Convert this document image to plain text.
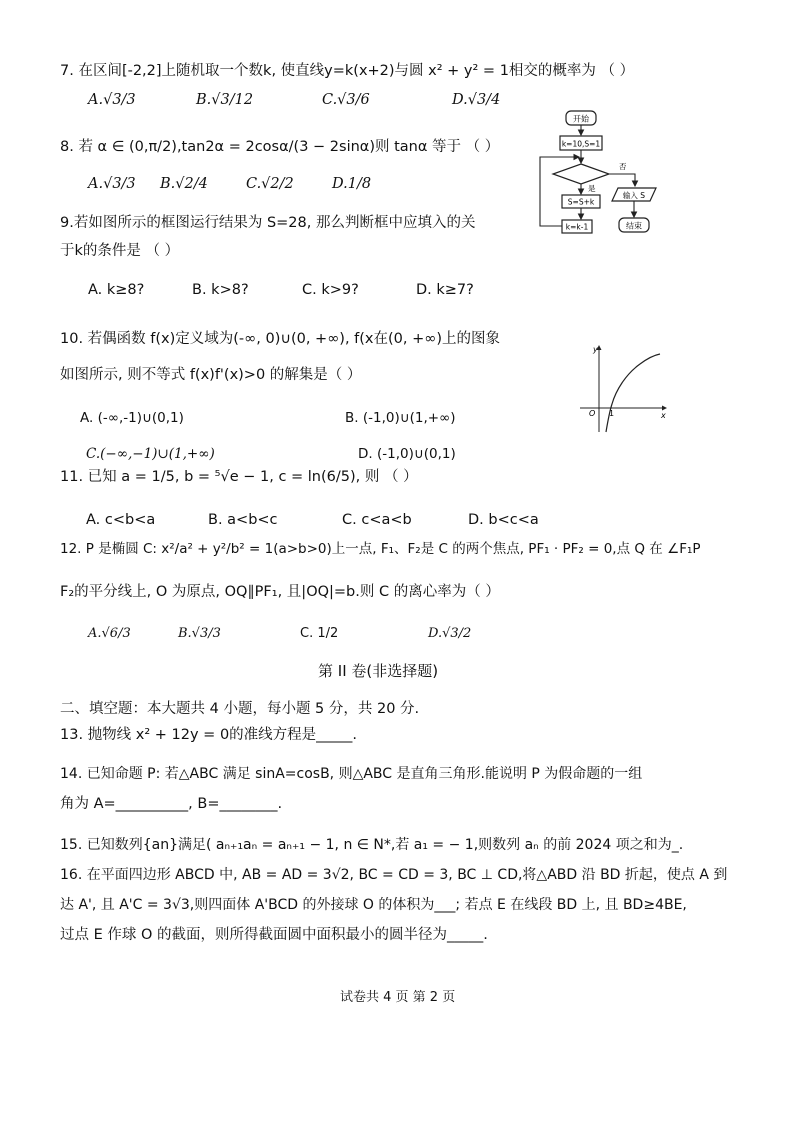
7. 在区间[-2,2]上随机取一个数k, 使直线y=k(x+2)与圆 x² + y² = 1相交的概率为 （ ）
A.√3/3	B.√3/12	C.√3/6	D.√3/4
8. 若 α ∈ (0,π/2),tan2α = 2cosα/(3 − 2sinα)则 tanα 等于 （ ）
A.√3/3 B.√2/4	C.√2/2	D.1/8
开始
k=10,S=1
否
输入 S
结束
是
S=S+k
k=k-1
9.若如图所示的框图运行结果为 S=28, 那么判断框中应填入的关
于k的条件是 （ ）
A. k≥8?	B. k>8?	C. k>9?	D. k≥7?
10. 若偶函数 f(x)定义域为(-∞, 0)∪(0, +∞), f(x在(0, +∞)上的图象
如图所示, 则不等式 f(x)f'(x)>0 的解集是（ ）
y
x
O 1
A. (-∞,-1)∪(0,1)	B. (-1,0)∪(1,+∞)
C.(−∞,−1)∪(1,+∞)	D. (-1,0)∪(0,1)
11. 已知 a = 1/5, b = ⁵√e − 1, c = ln(6/5), 则 （ ）
A. c<b<a	B. a<b<c	C. c<a<b	D. b<c<a
12. P 是椭圆 C: x²/a² + y²/b² = 1(a>b>0)上一点, F₁、F₂是 C 的两个焦点, PF₁ · PF₂ = 0,点 Q 在 ∠F₁P
F₂的平分线上, O 为原点, OQ∥PF₁, 且|OQ|=b.则 C 的离心率为（ ）
A.√6/3	B.√3/3	C. 1/2	D.√3/2
第 II 卷(非选择题)
二、填空题：本大题共 4 小题，每小题 5 分，共 20 分.
13. 抛物线 x² + 12y = 0的准线方程是_____.
14. 已知命题 P: 若△ABC 满足 sinA=cosB, 则△ABC 是直角三角形.能说明 P 为假命题的一组
角为 A=__________, B=________.
15. 已知数列{an}满足( aₙ₊₁aₙ = aₙ₊₁ − 1, n ∈ N*,若 a₁ = − 1,则数列 aₙ 的前 2024 项之和为_.
16. 在平面四边形 ABCD 中, AB = AD = 3√2, BC = CD = 3, BC ⊥ CD,将△ABD 沿 BD 折起，使点 A 到
达 A', 且 A'C = 3√3,则四面体 A'BCD 的外接球 O 的体积为___; 若点 E 在线段 BD 上, 且 BD≥4BE,
过点 E 作球 O 的截面，则所得截面圆中面积最小的圆半径为_____.
试卷共 4 页 第 2 页
